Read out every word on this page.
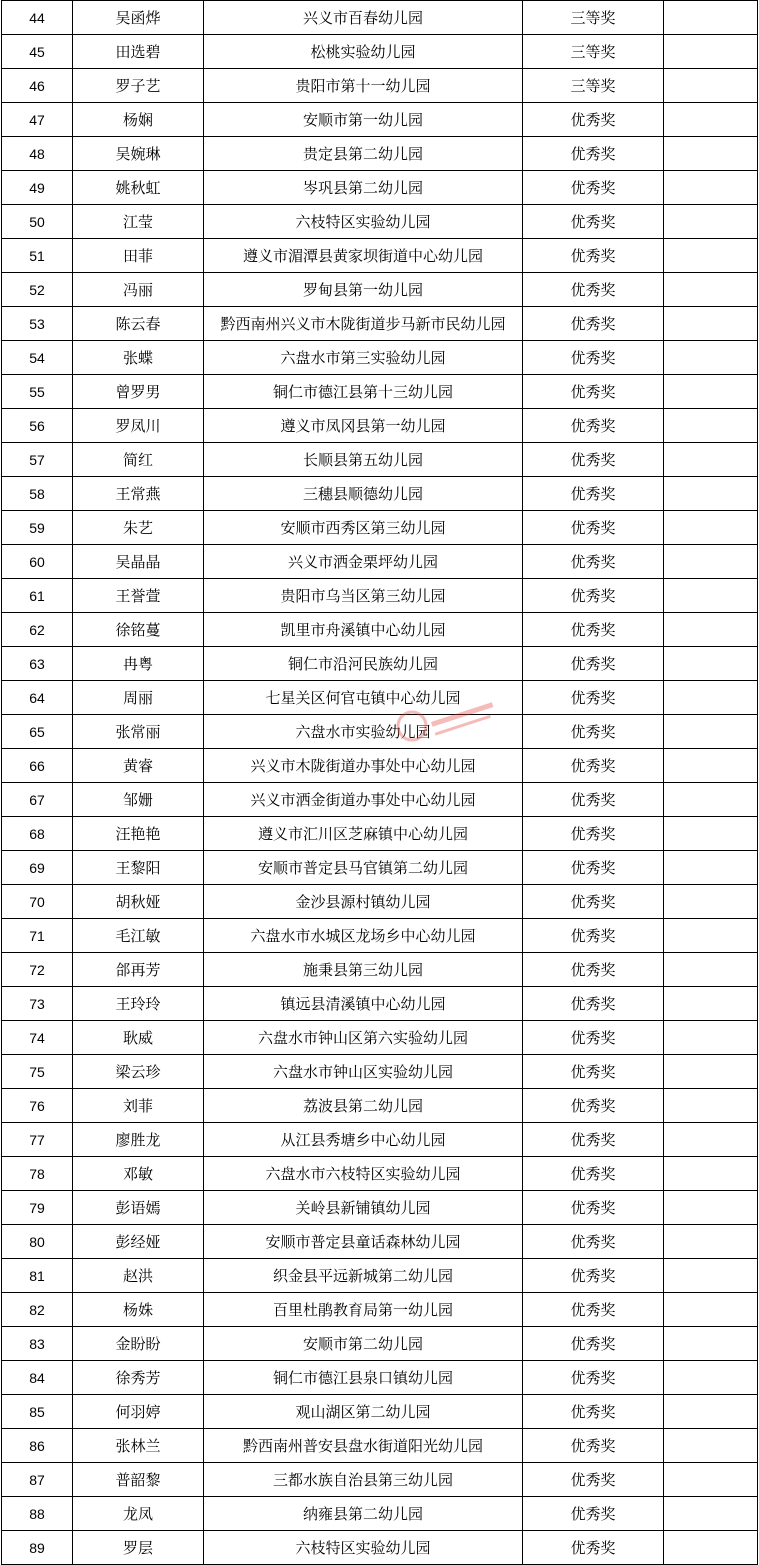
44	吴函烨	兴义市百春幼儿园	三等奖	
45	田选碧	松桃实验幼儿园	三等奖	
46	罗子艺	贵阳市第十一幼儿园	三等奖	
47	杨娴	安顺市第一幼儿园	优秀奖	
48	吴婉琳	贵定县第二幼儿园	优秀奖	
49	姚秋虹	岑巩县第二幼儿园	优秀奖	
50	江莹	六枝特区实验幼儿园	优秀奖	
51	田菲	遵义市湄潭县黄家坝街道中心幼儿园	优秀奖	
52	冯丽	罗甸县第一幼儿园	优秀奖	
53	陈云春	黔西南州兴义市木陇街道步马新市民幼儿园	优秀奖	
54	张蝶	六盘水市第三实验幼儿园	优秀奖	
55	曾罗男	铜仁市德江县第十三幼儿园	优秀奖	
56	罗凤川	遵义市凤冈县第一幼儿园	优秀奖	
57	简红	长顺县第五幼儿园	优秀奖	
58	王常燕	三穗县顺德幼儿园	优秀奖	
59	朱艺	安顺市西秀区第三幼儿园	优秀奖	
60	吴晶晶	兴义市洒金栗坪幼儿园	优秀奖	
61	王誉萱	贵阳市乌当区第三幼儿园	优秀奖	
62	徐铭蔓	凯里市舟溪镇中心幼儿园	优秀奖	
63	冉粤	铜仁市沿河民族幼儿园	优秀奖	
64	周丽	七星关区何官屯镇中心幼儿园	优秀奖	
65	张常丽	六盘水市实验幼儿园	优秀奖	
66	黄睿	兴义市木陇街道办事处中心幼儿园	优秀奖	
67	邹姗	兴义市洒金街道办事处中心幼儿园	优秀奖	
68	汪艳艳	遵义市汇川区芝麻镇中心幼儿园	优秀奖	
69	王黎阳	安顺市普定县马官镇第二幼儿园	优秀奖	
70	胡秋娅	金沙县源村镇幼儿园	优秀奖	
71	毛江敏	六盘水市水城区龙场乡中心幼儿园	优秀奖	
72	郃再芳	施秉县第三幼儿园	优秀奖	
73	王玲玲	镇远县清溪镇中心幼儿园	优秀奖	
74	耿威	六盘水市钟山区第六实验幼儿园	优秀奖	
75	梁云珍	六盘水市钟山区实验幼儿园	优秀奖	
76	刘菲	荔波县第二幼儿园	优秀奖	
77	廖胜龙	从江县秀塘乡中心幼儿园	优秀奖	
78	邓敏	六盘水市六枝特区实验幼儿园	优秀奖	
79	彭语嫣	关岭县新铺镇幼儿园	优秀奖	
80	彭经娅	安顺市普定县童话森林幼儿园	优秀奖	
81	赵洪	织金县平远新城第二幼儿园	优秀奖	
82	杨姝	百里杜鹃教育局第一幼儿园	优秀奖	
83	金盼盼	安顺市第二幼儿园	优秀奖	
84	徐秀芳	铜仁市德江县泉口镇幼儿园	优秀奖	
85	何羽婷	观山湖区第二幼儿园	优秀奖	
86	张林兰	黔西南州普安县盘水街道阳光幼儿园	优秀奖	
87	普韶黎	三都水族自治县第三幼儿园	优秀奖	
88	龙凤	纳雍县第二幼儿园	优秀奖	
89	罗层	六枝特区实验幼儿园	优秀奖	
